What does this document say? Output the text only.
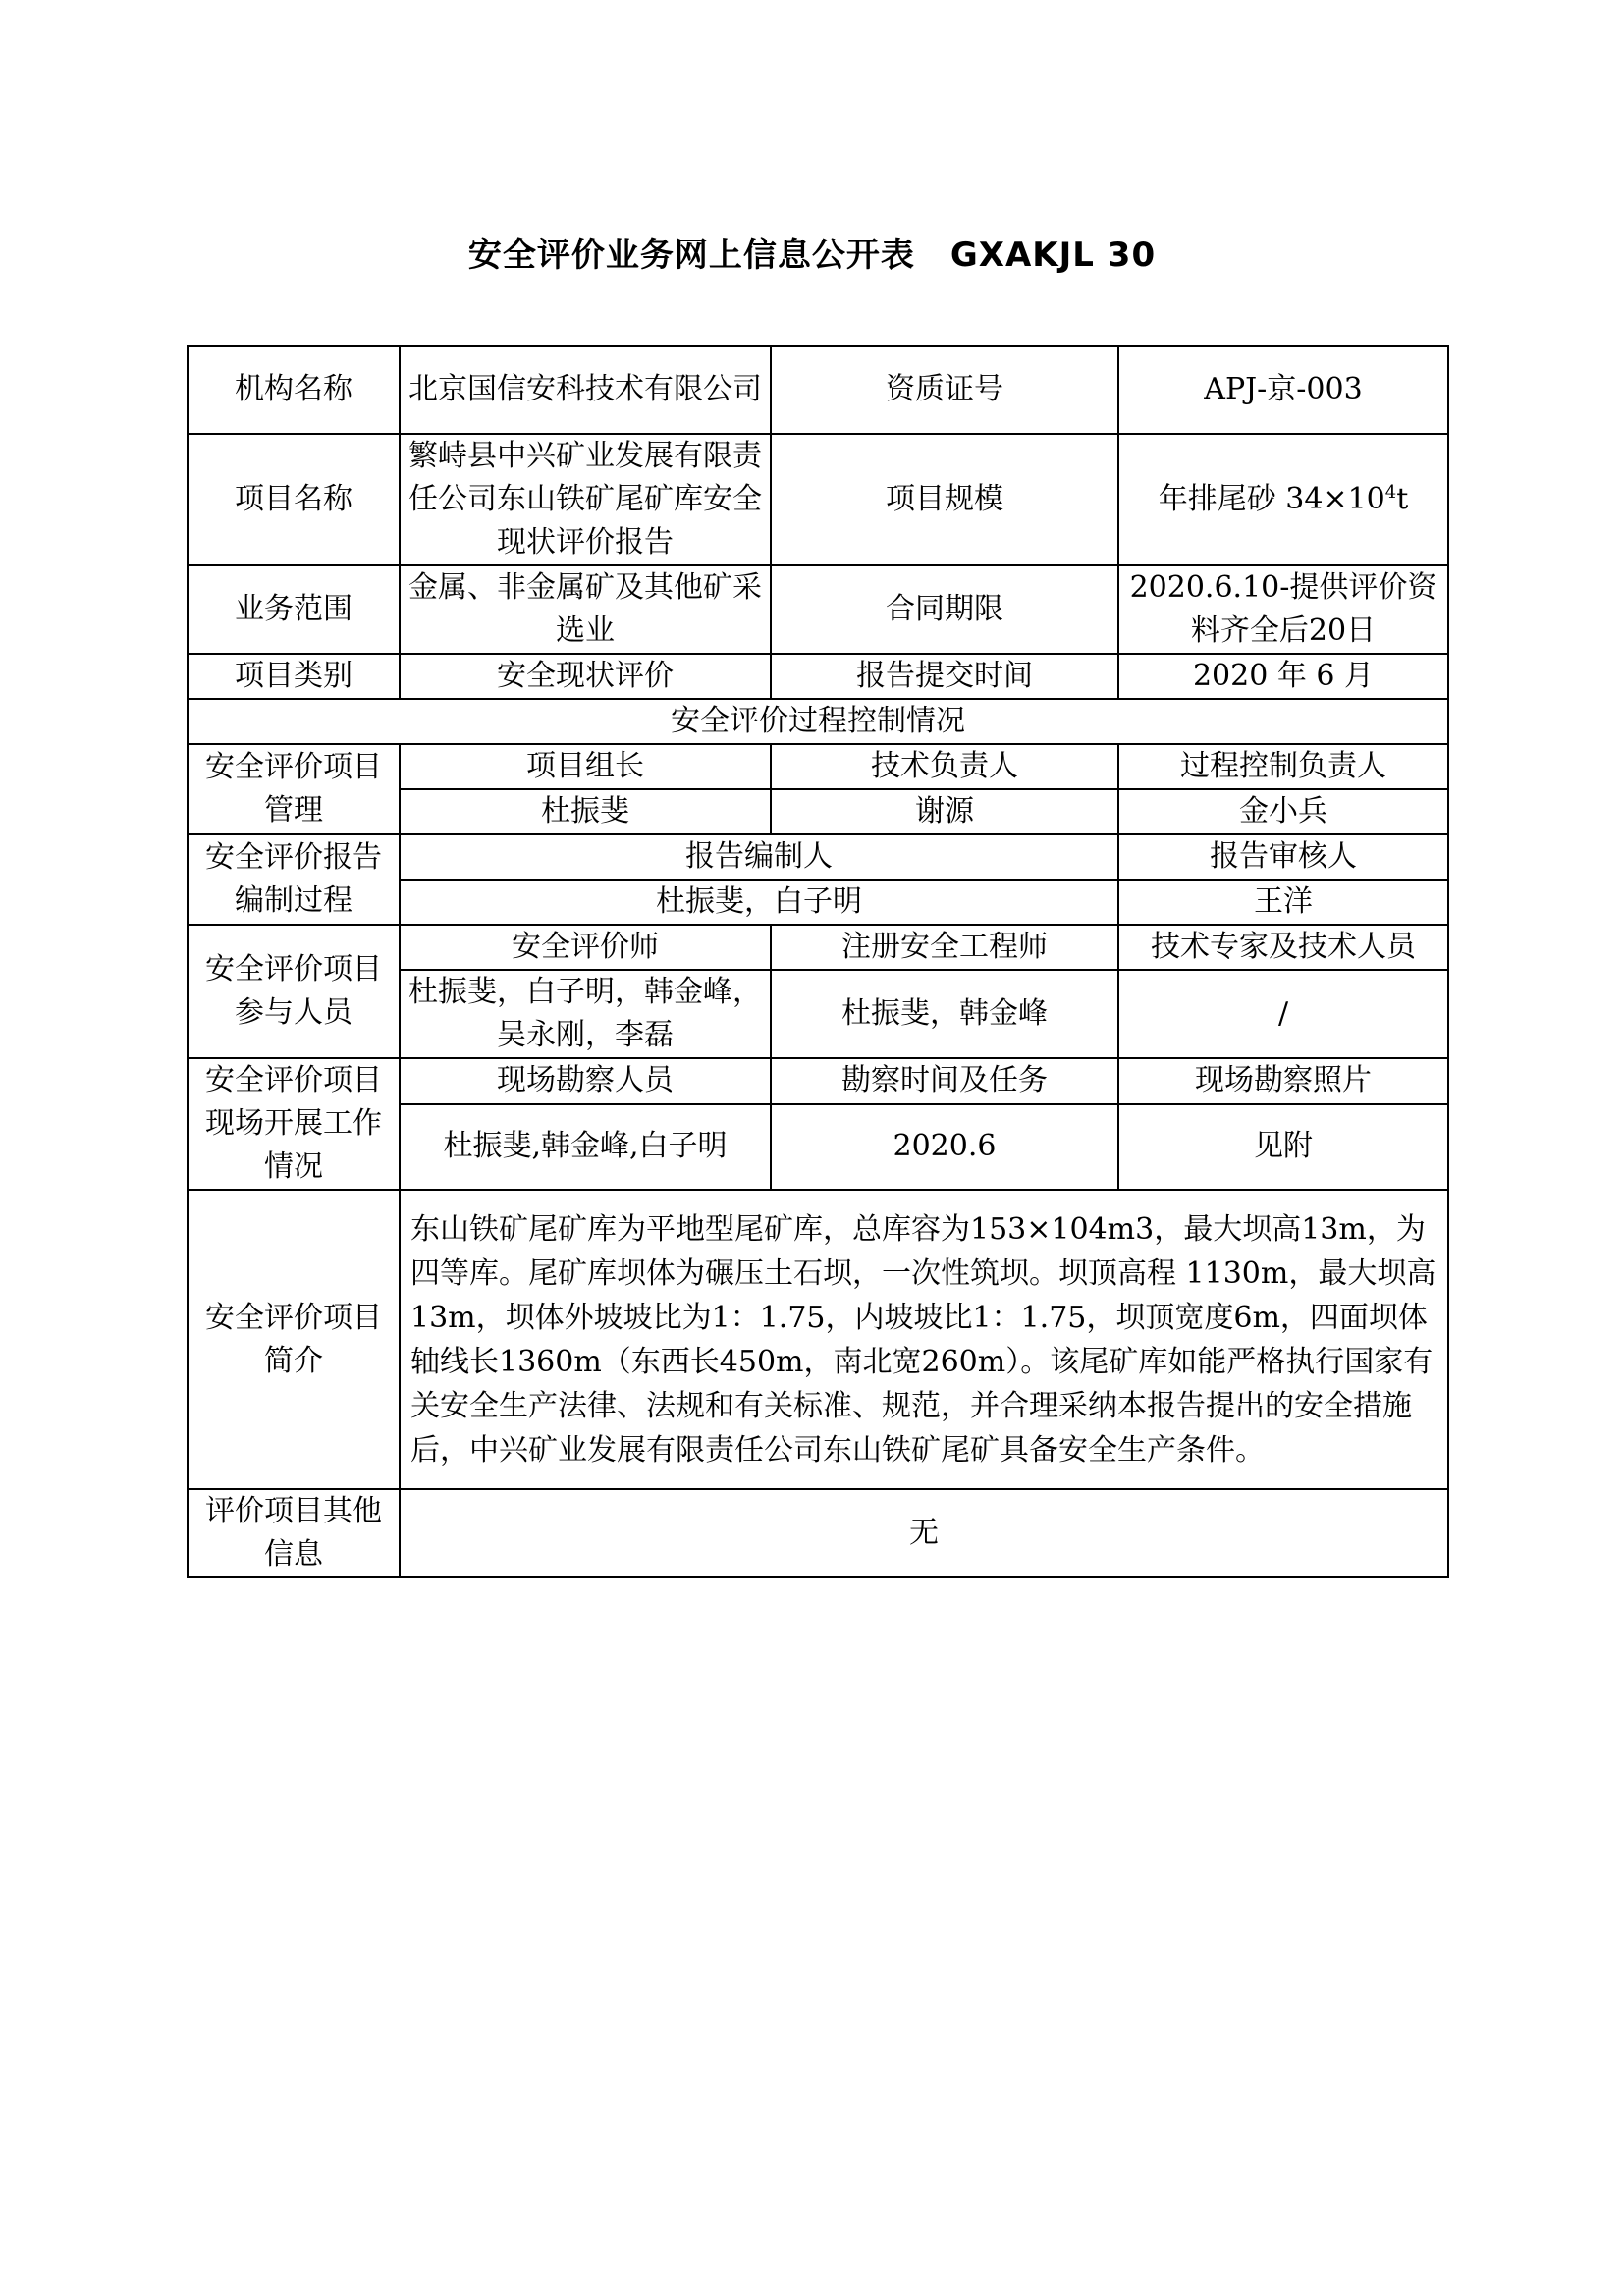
安全评价业务网上信息公开表 GXAKJL 30
机构名称	北京国信安科技术有限公司	资质证号	APJ-京-003
项目名称	繁峙县中兴矿业发展有限责任公司东山铁矿尾矿库安全现状评价报告	项目规模	年排尾砂 $34\times 10^4t$
业务范围	金属、非金属矿及其他矿采选业	合同期限	2020.6.10-提供评价资料齐全后20日
项目类别	安全现状评价	报告提交时间	2020 年 6 月
安全评价过程控制情况			
安全评价项目管理	项目组长	技术负责人	过程控制负责人
	杜振斐	谢源	金小兵
安全评价报告编制过程	报告编制人		报告审核人
	杜振斐，白子明		王洋
安全评价项目参与人员	安全评价师	注册安全工程师	技术专家及技术人员
	杜振斐，白子明，韩金峰，吴永刚，李磊	杜振斐，韩金峰	/
安全评价项目现场开展工作情况	现场勘察人员	勘察时间及任务	现场勘察照片
	杜振斐,韩金峰,白子明	2020.6	见附
安全评价项目简介	东山铁矿尾矿库为平地型尾矿库，总库容为153×104m3，最大坝高13m，为四等库。尾矿库坝体为碾压土石坝，一次性筑坝。坝顶高程 1130m，最大坝高13m，坝体外坡坡比为1：1.75，内坡坡比1：1.75，坝顶宽度6m，四面坝体轴线长1360m（东西长450m，南北宽260m）。该尾矿库如能严格执行国家有关安全生产法律、法规和有关标准、规范，并合理采纳本报告提出的安全措施后，中兴矿业发展有限责任公司东山铁矿尾矿具备安全生产条件。		
评价项目其他信息	无		
